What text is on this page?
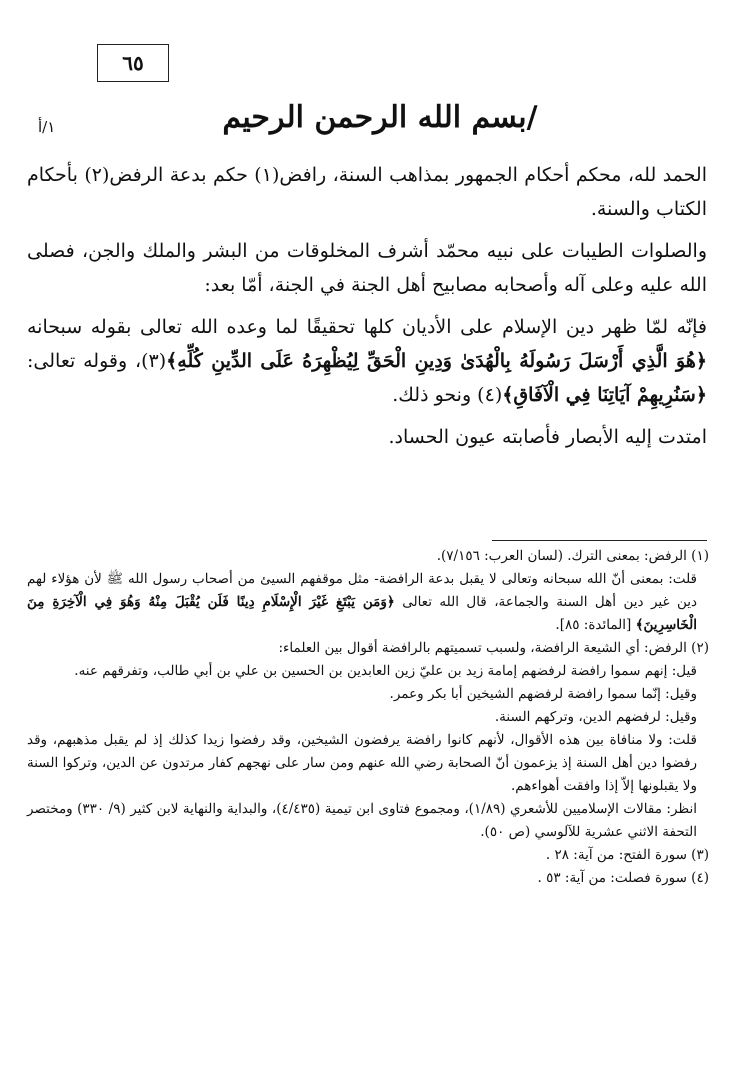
٦٥
١/أ	/بسم الله الرحمن الرحيم

الحمد لله، محكم أحكام الجمهور بمذاهب السنة، رافض(١) حكم بدعة الرفض(٢) بأحكام الكتاب والسنة.

والصلوات الطيبات على نبيه محمّد أشرف المخلوقات من البشر والملك والجن، فصلى الله عليه وعلى آله وأصحابه مصابيح أهل الجنة في الجنة، أمّا بعد:

فإنّه لمّا ظهر دين الإسلام على الأديان كلها تحقيقًا لما وعده الله تعالى بقوله سبحانه ﴿هُوَ الَّذِي أَرْسَلَ رَسُولَهُ بِالْهُدَىٰ وَدِينِ الْحَقِّ لِيُظْهِرَهُ عَلَى الدِّينِ كُلِّهِ﴾(٣)، وقوله تعالى: ﴿سَنُرِيهِمْ آيَاتِنَا فِي الْآفَاقِ﴾(٤) ونحو ذلك.

امتدت إليه الأبصار فأصابته عيون الحساد.

(١) الرفض: بمعنى الترك. (لسان العرب: ٧/١٥٦).

قلت: بمعنى أنّ الله سبحانه وتعالى لا يقبل بدعة الرافضة- مثل موقفهم السيئ من أصحاب رسول الله ﷺ لأن هؤلاء لهم دين غير دين أهل السنة والجماعة، قال الله تعالى ﴿وَمَن يَبْتَغِ غَيْرَ الْإِسْلَامِ دِينًا فَلَن يُقْبَلَ مِنْهُ وَهُوَ فِي الْآخِرَةِ مِنَ الْخَاسِرِينَ﴾ [المائدة: ٨٥].

(٢) الرفض: أي الشيعة الرافضة، ولسبب تسميتهم بالرافضة أقوال بين العلماء:

قيل: إنهم سموا رافضة لرفضهم إمامة زيد بن عليّ زين العابدين بن الحسين بن علي بن أبي طالب، وتفرقهم عنه.

وقيل: إنّما سموا رافضة لرفضهم الشيخين أبا بكر وعمر.

وقيل: لرفضهم الدين، وتركهم السنة.

قلت: ولا منافاة بين هذه الأقوال، لأنهم كانوا رافضة يرفضون الشيخين، وقد رفضوا زيدا كذلك إذ لم يقبل مذهبهم، وقد رفضوا دين أهل السنة إذ يزعمون أنّ الصحابة رضي الله عنهم ومن سار على نهجهم كفار مرتدون عن الدين، وتركوا السنة ولا يقبلونها إلاّ إذا وافقت أهواءهم.

انظر: مقالات الإسلاميين للأشعري (١/٨٩)، ومجموع فتاوى ابن تيمية (٤/٤٣٥)، والبداية والنهاية لابن كثير (٩/ ٣٣٠) ومختصر التحفة الاثني عشرية للآلوسي (ص ٥٠).

(٣) سورة الفتح: من آية: ٢٨ .

(٤) سورة فصلت: من آية: ٥٣ .
